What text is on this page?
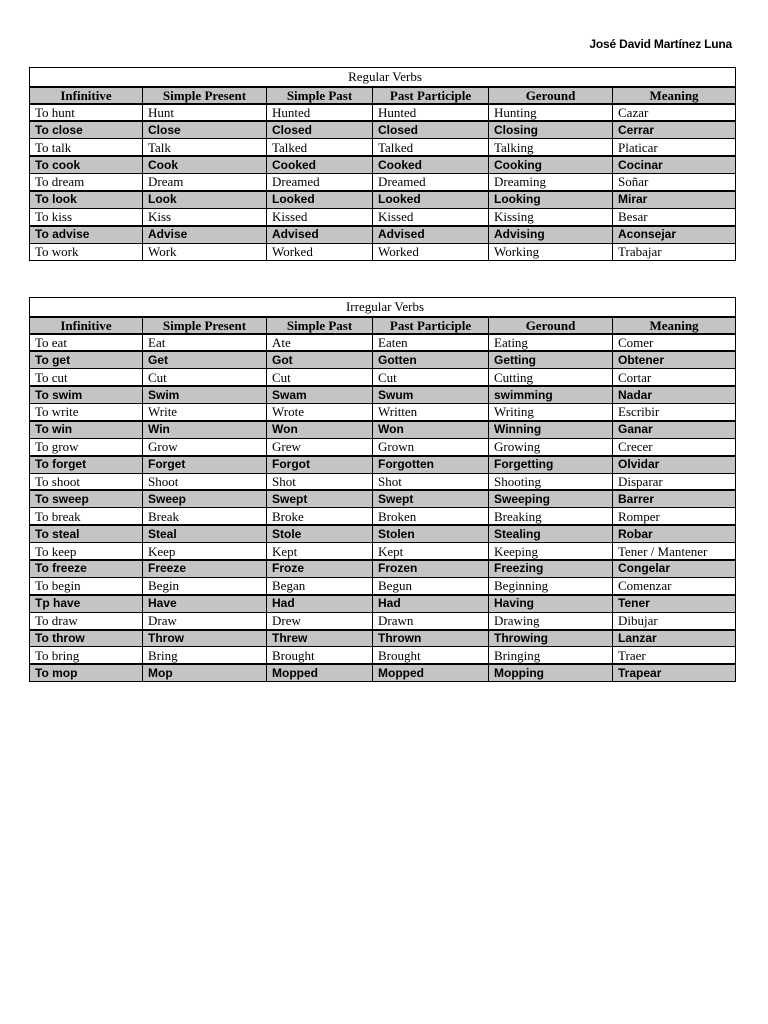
José David Martínez Luna
Regular Verbs					
Infinitive	Simple Present	Simple Past	Past Participle	Geround	Meaning
To hunt	Hunt	Hunted	Hunted	Hunting	Cazar
To close	Close	Closed	Closed	Closing	Cerrar
To talk	Talk	Talked	Talked	Talking	Platicar
To cook	Cook	Cooked	Cooked	Cooking	Cocinar
To dream	Dream	Dreamed	Dreamed	Dreaming	Soñar
To look	Look	Looked	Looked	Looking	Mirar
To kiss	Kiss	Kissed	Kissed	Kissing	Besar
To advise	Advise	Advised	Advised	Advising	Aconsejar
To work	Work	Worked	Worked	Working	Trabajar
Irregular Verbs					
Infinitive	Simple Present	Simple Past	Past Participle	Geround	Meaning
To eat	Eat	Ate	Eaten	Eating	Comer
To get	Get	Got	Gotten	Getting	Obtener
To cut	Cut	Cut	Cut	Cutting	Cortar
To swim	Swim	Swam	Swum	swimming	Nadar
To write	Write	Wrote	Written	Writing	Escribir
To win	Win	Won	Won	Winning	Ganar
To grow	Grow	Grew	Grown	Growing	Crecer
To forget	Forget	Forgot	Forgotten	Forgetting	Olvidar
To shoot	Shoot	Shot	Shot	Shooting	Disparar
To sweep	Sweep	Swept	Swept	Sweeping	Barrer
To break	Break	Broke	Broken	Breaking	Romper
To steal	Steal	Stole	Stolen	Stealing	Robar
To keep	Keep	Kept	Kept	Keeping	Tener / Mantener
To freeze	Freeze	Froze	Frozen	Freezing	Congelar
To begin	Begin	Began	Begun	Beginning	Comenzar
Tp have	Have	Had	Had	Having	Tener
To draw	Draw	Drew	Drawn	Drawing	Dibujar
To throw	Throw	Threw	Thrown	Throwing	Lanzar
To bring	Bring	Brought	Brought	Bringing	Traer
To mop	Mop	Mopped	Mopped	Mopping	Trapear
